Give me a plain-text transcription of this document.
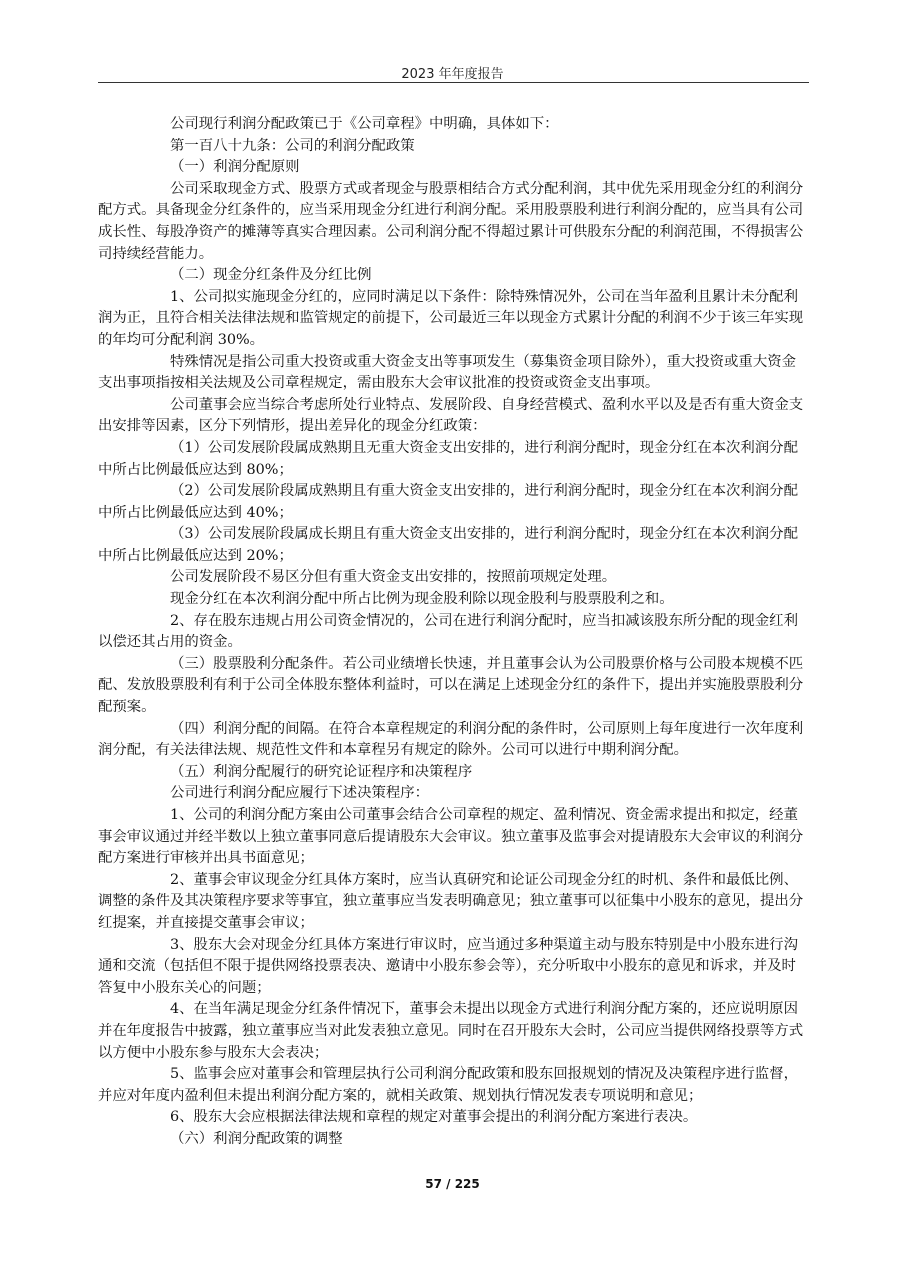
2023 年年度报告

公司现行利润分配政策已于《公司章程》中明确，具体如下：

第一百八十九条：公司的利润分配政策

（一）利润分配原则

公司采取现金方式、股票方式或者现金与股票相结合方式分配利润，其中优先采用现金分红的利润分配方式。具备现金分红条件的，应当采用现金分红进行利润分配。采用股票股利进行利润分配的，应当具有公司成长性、每股净资产的摊薄等真实合理因素。公司利润分配不得超过累计可供股东分配的利润范围，不得损害公司持续经营能力。

（二）现金分红条件及分红比例

1、公司拟实施现金分红的，应同时满足以下条件：除特殊情况外，公司在当年盈利且累计未分配利润为正，且符合相关法律法规和监管规定的前提下，公司最近三年以现金方式累计分配的利润不少于该三年实现的年均可分配利润 30%。

特殊情况是指公司重大投资或重大资金支出等事项发生（募集资金项目除外），重大投资或重大资金支出事项指按相关法规及公司章程规定，需由股东大会审议批准的投资或资金支出事项。

公司董事会应当综合考虑所处行业特点、发展阶段、自身经营模式、盈利水平以及是否有重大资金支出安排等因素，区分下列情形，提出差异化的现金分红政策：

（1）公司发展阶段属成熟期且无重大资金支出安排的，进行利润分配时，现金分红在本次利润分配中所占比例最低应达到 80%；

（2）公司发展阶段属成熟期且有重大资金支出安排的，进行利润分配时，现金分红在本次利润分配中所占比例最低应达到 40%；

（3）公司发展阶段属成长期且有重大资金支出安排的，进行利润分配时，现金分红在本次利润分配中所占比例最低应达到 20%；

公司发展阶段不易区分但有重大资金支出安排的，按照前项规定处理。

现金分红在本次利润分配中所占比例为现金股利除以现金股利与股票股利之和。

2、存在股东违规占用公司资金情况的，公司在进行利润分配时，应当扣减该股东所分配的现金红利以偿还其占用的资金。

（三）股票股利分配条件。若公司业绩增长快速，并且董事会认为公司股票价格与公司股本规模不匹配、发放股票股利有利于公司全体股东整体利益时，可以在满足上述现金分红的条件下，提出并实施股票股利分配预案。

（四）利润分配的间隔。在符合本章程规定的利润分配的条件时，公司原则上每年度进行一次年度利润分配，有关法律法规、规范性文件和本章程另有规定的除外。公司可以进行中期利润分配。

（五）利润分配履行的研究论证程序和决策程序

公司进行利润分配应履行下述决策程序：

1、公司的利润分配方案由公司董事会结合公司章程的规定、盈利情况、资金需求提出和拟定，经董事会审议通过并经半数以上独立董事同意后提请股东大会审议。独立董事及监事会对提请股东大会审议的利润分配方案进行审核并出具书面意见；

2、董事会审议现金分红具体方案时，应当认真研究和论证公司现金分红的时机、条件和最低比例、调整的条件及其决策程序要求等事宜，独立董事应当发表明确意见；独立董事可以征集中小股东的意见，提出分红提案，并直接提交董事会审议；

3、股东大会对现金分红具体方案进行审议时，应当通过多种渠道主动与股东特别是中小股东进行沟通和交流（包括但不限于提供网络投票表决、邀请中小股东参会等），充分听取中小股东的意见和诉求，并及时答复中小股东关心的问题；

4、在当年满足现金分红条件情况下，董事会未提出以现金方式进行利润分配方案的，还应说明原因并在年度报告中披露，独立董事应当对此发表独立意见。同时在召开股东大会时，公司应当提供网络投票等方式以方便中小股东参与股东大会表决；

5、监事会应对董事会和管理层执行公司利润分配政策和股东回报规划的情况及决策程序进行监督，并应对年度内盈利但未提出利润分配方案的，就相关政策、规划执行情况发表专项说明和意见；

6、股东大会应根据法律法规和章程的规定对董事会提出的利润分配方案进行表决。

（六）利润分配政策的调整

57 / 225
